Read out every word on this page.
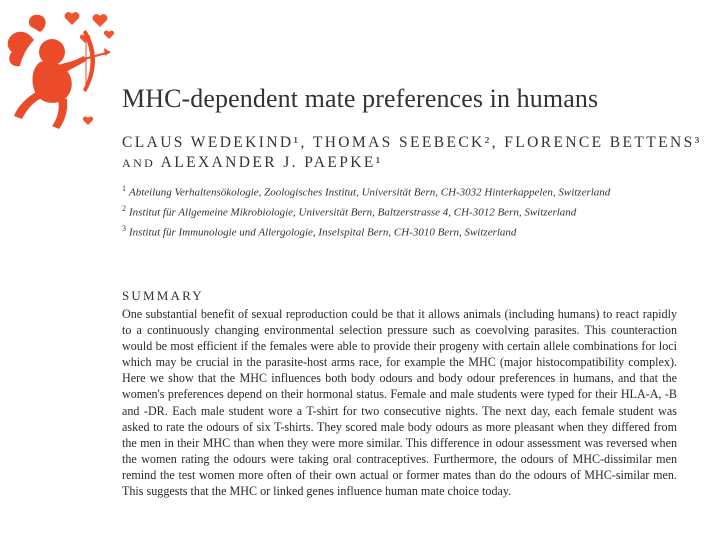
MHC-dependent mate preferences in humans
CLAUS WEDEKIND¹, THOMAS SEEBECK², FLORENCE BETTENS³
AND ALEXANDER J. PAEPKE¹
$^1$ Abteilung Verhaltensökologie, Zoologisches Institut, Universität Bern, CH-3032 Hinterkappelen, Switzerland
$^2$ Institut für Allgemeine Mikrobiologie, Universität Bern, Baltzerstrasse 4, CH-3012 Bern, Switzerland
$^3$ Institut für Immunologie und Allergologie, Inselspital Bern, CH-3010 Bern, Switzerland
SUMMARY
One substantial benefit of sexual reproduction could be that it allows animals (including humans) to react rapidly to a continuously changing environmental selection pressure such as coevolving parasites. This counteraction would be most efficient if the females were able to provide their progeny with certain allele combinations for loci which may be crucial in the parasite-host arms race, for example the MHC (major histocompatibility complex). Here we show that the MHC influences both body odours and body odour preferences in humans, and that the women's preferences depend on their hormonal status. Female and male students were typed for their HLA-A, -B and -DR. Each male student wore a T-shirt for two consecutive nights. The next day, each female student was asked to rate the odours of six T-shirts. They scored male body odours as more pleasant when they differed from the men in their MHC than when they were more similar. This difference in odour assessment was reversed when the women rating the odours were taking oral contraceptives. Furthermore, the odours of MHC-dissimilar men remind the test women more often of their own actual or former mates than do the odours of MHC-similar men. This suggests that the MHC or linked genes influence human mate choice today.
